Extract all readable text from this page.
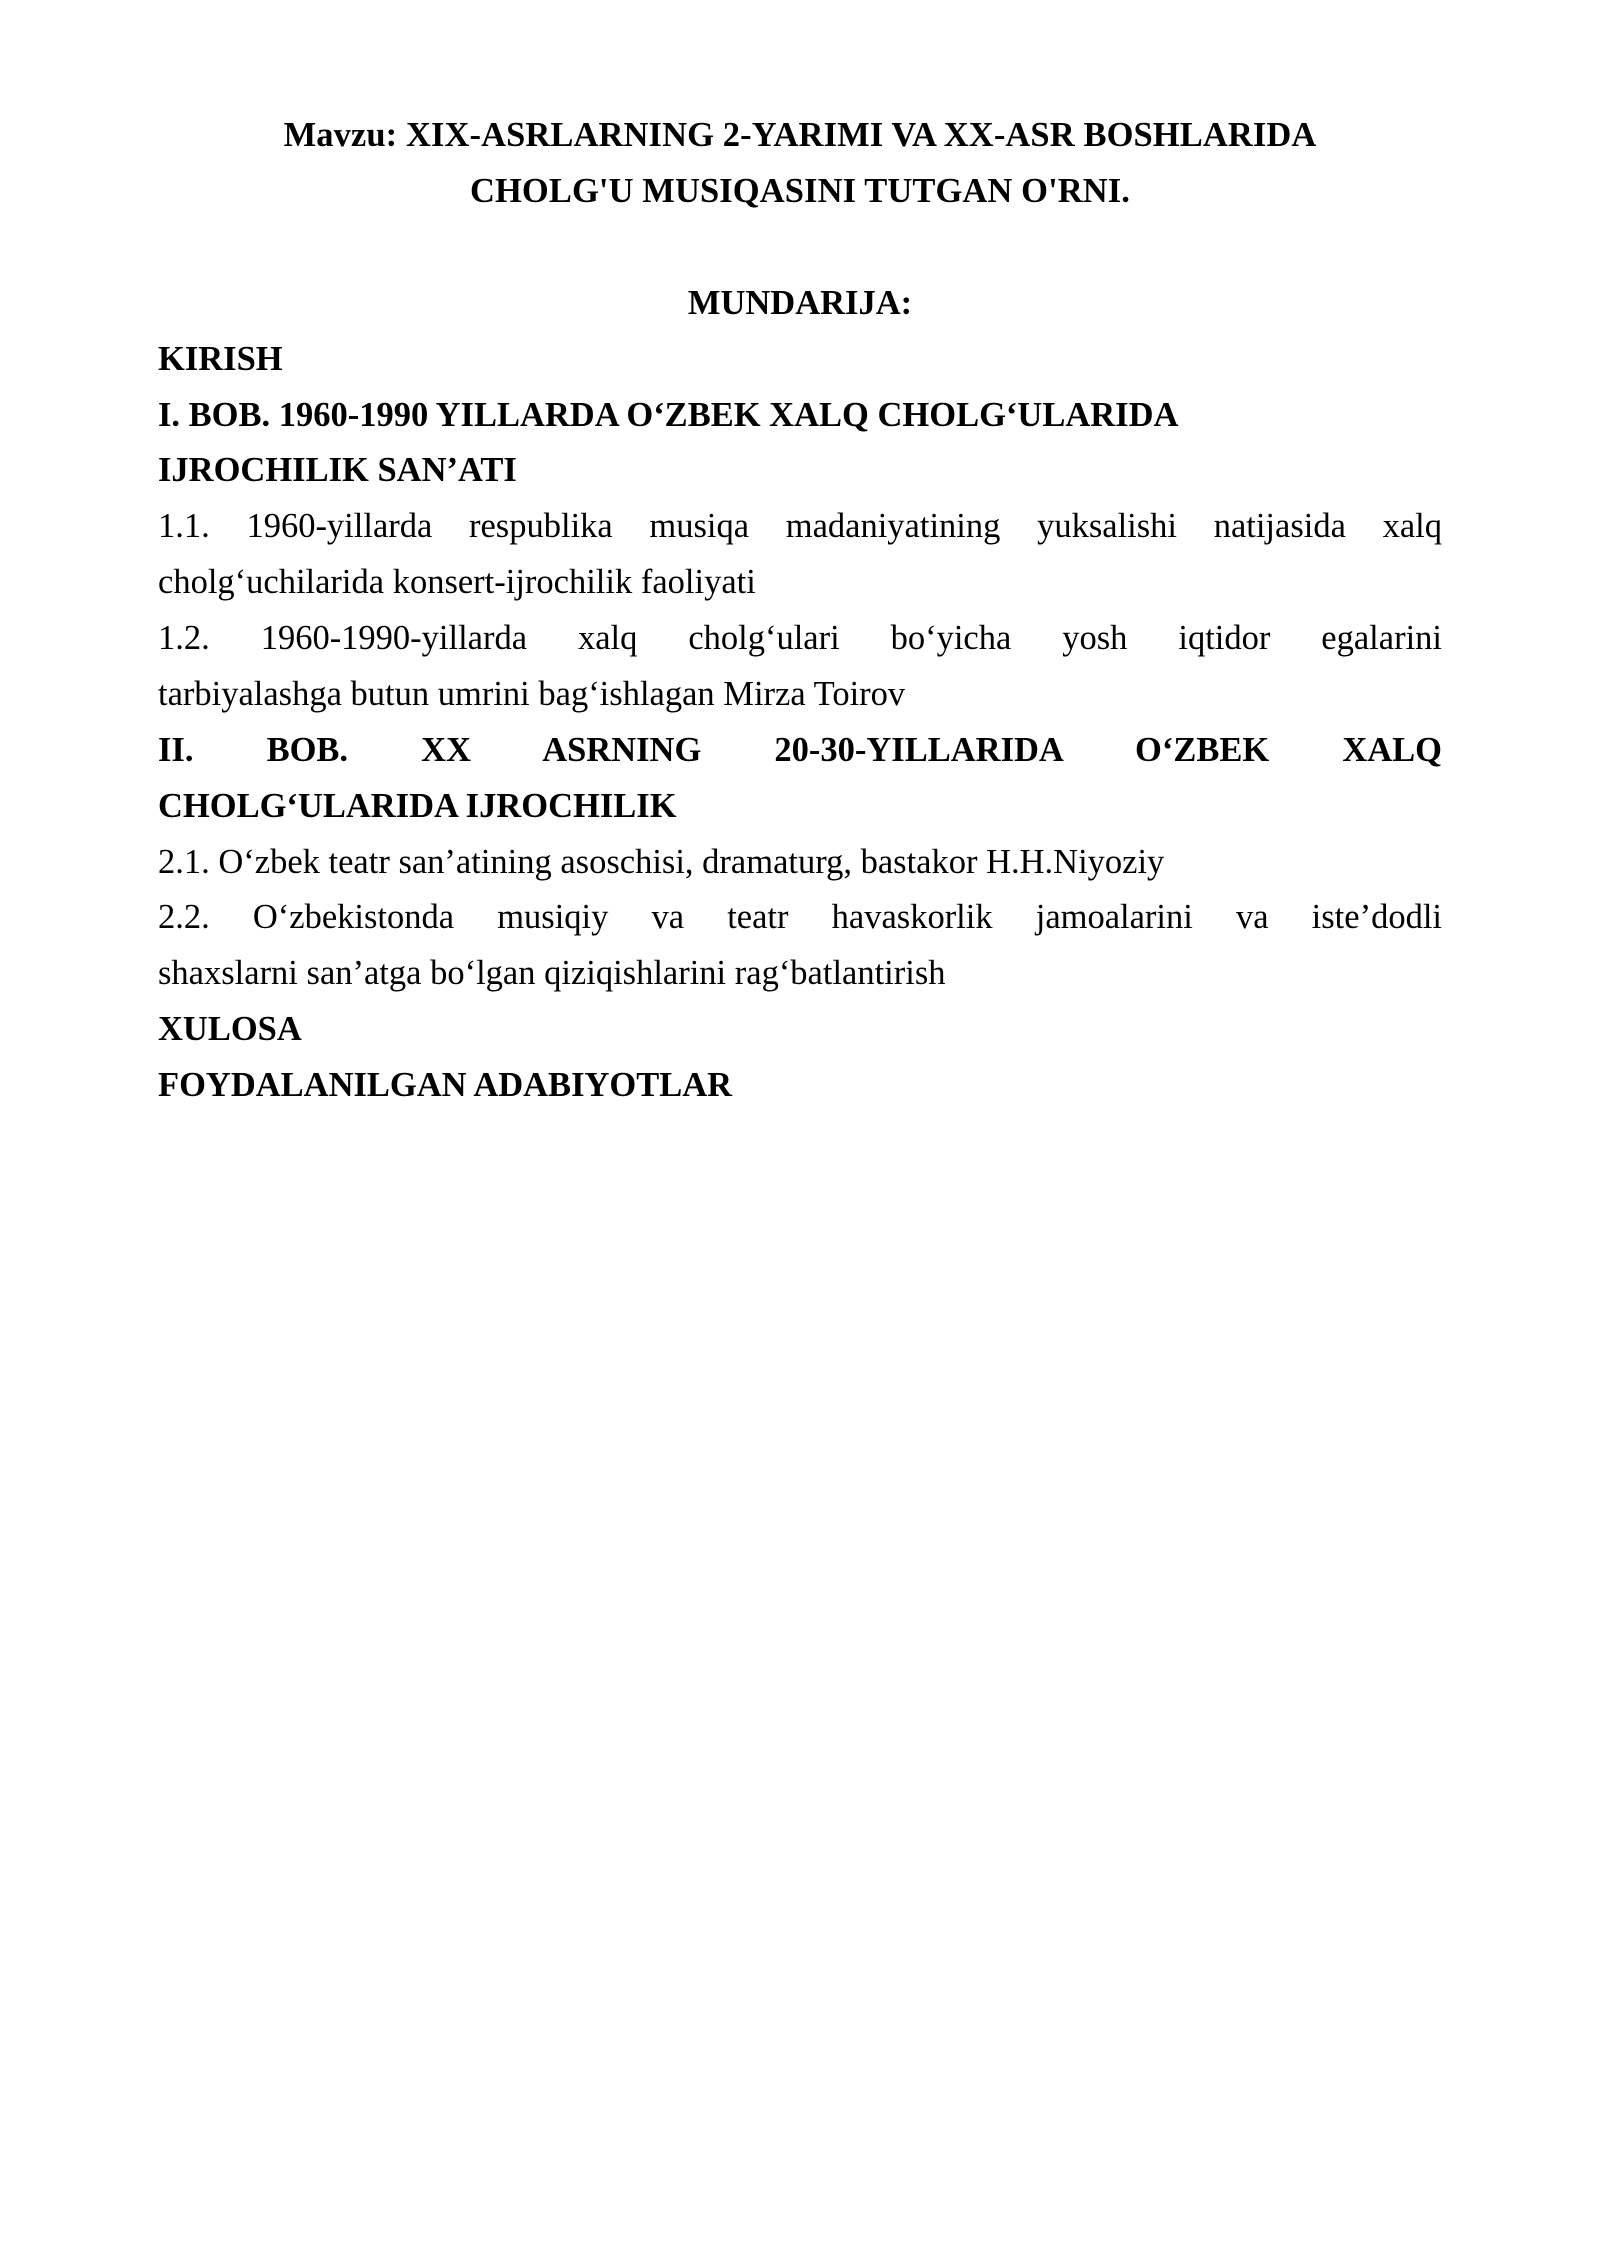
Mavzu: XIX-ASRLARNING 2-YARIMI VA XX-ASR BOSHLARIDA
CHOLG'U MUSIQASINI TUTGAN O'RNI.
MUNDARIJA:
KIRISH
I. BOB. 1960-1990 YILLARDA O‘ZBEK XALQ CHOLG‘ULARIDA
IJROCHILIK SAN’ATI
1.1. 1960-yillarda respublika musiqa madaniyatining yuksalishi natijasida xalq
cholg‘uchilarida konsert-ijrochilik faoliyati
1.2. 1960-1990-yillarda xalq cholg‘ulari bo‘yicha yosh iqtidor egalarini
tarbiyalashga butun umrini bag‘ishlagan Mirza Toirov
II. BOB. XX ASRNING 20-30-YILLARIDA O‘ZBEK XALQ
CHOLG‘ULARIDA IJROCHILIK
2.1. O‘zbek teatr san’atining asoschisi, dramaturg, bastakor H.H.Niyoziy
2.2. O‘zbekistonda musiqiy va teatr havaskorlik jamoalarini va iste’dodli
shaxslarni san’atga bo‘lgan qiziqishlarini rag‘batlantirish
XULOSA
FOYDALANILGAN ADABIYOTLAR
